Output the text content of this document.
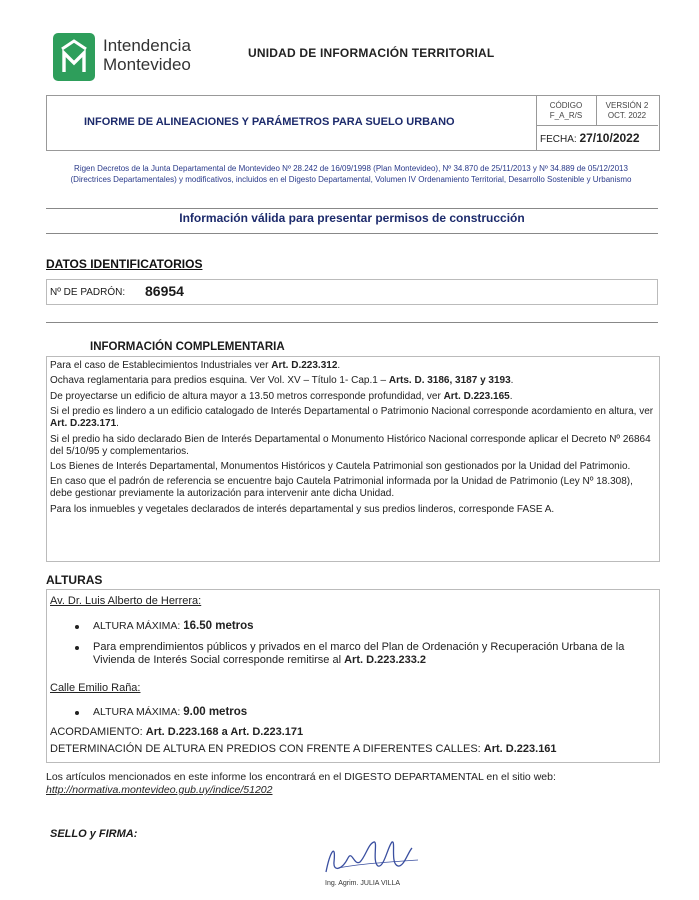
Intendencia
Montevideo
UNIDAD DE INFORMACIÓN TERRITORIAL
INFORME DE ALINEACIONES Y PARÁMETROS PARA SUELO URBANO
CÓDIGO
F_A_R/S
VERSIÓN 2
OCT. 2022
FECHA: 27/10/2022
Rigen Decretos de la Junta Departamental de Montevideo Nº 28.242 de 16/09/1998 (Plan Montevideo), Nº 34.870 de 25/11/2013 y Nº 34.889 de 05/12/2013 (Directrices Departamentales) y modificativos, incluidos en el Digesto Departamental, Volumen IV Ordenamiento Territorial, Desarrollo Sostenible y Urbanismo
Información válida para presentar permisos de construcción
DATOS IDENTIFICATORIOS
Nº DE PADRÓN: 86954
INFORMACIÓN COMPLEMENTARIA

Para el caso de Establecimientos Industriales ver Art. D.223.312.

Ochava reglamentaria para predios esquina. Ver Vol. XV – Título 1- Cap.1 – Arts. D. 3186, 3187 y 3193.

De proyectarse un edificio de altura mayor a 13.50 metros corresponde profundidad, ver Art. D.223.165.

Si el predio es lindero a un edificio catalogado de Interés Departamental o Patrimonio Nacional corresponde acordamiento en altura, ver Art. D.223.171.

Si el predio ha sido declarado Bien de Interés Departamental o Monumento Histórico Nacional corresponde aplicar el Decreto Nº 26864 del 5/10/95 y complementarios.

Los Bienes de Interés Departamental, Monumentos Históricos y Cautela Patrimonial son gestionados por la Unidad del Patrimonio.

En caso que el padrón de referencia se encuentre bajo Cautela Patrimonial informada por la Unidad de Patrimonio (Ley Nº 18.308), debe gestionar previamente la autorización para intervenir ante dicha Unidad.

Para los inmuebles y vegetales declarados de interés departamental y sus predios linderos, corresponde FASE A.

ALTURAS
Av. Dr. Luis Alberto de Herrera:
ALTURA MÁXIMA: 16.50 metros
Para emprendimientos públicos y privados en el marco del Plan de Ordenación y Recuperación Urbana de la Vivienda de Interés Social corresponde remitirse al Art. D.223.233.2
Calle Emilio Raña:
ALTURA MÁXIMA: 9.00 metros
ACORDAMIENTO: Art. D.223.168 a Art. D.223.171
DETERMINACIÓN DE ALTURA EN PREDIOS CON FRENTE A DIFERENTES CALLES: Art. D.223.161
Los artículos mencionados en este informe los encontrará en el DIGESTO DEPARTAMENTAL en el sitio web:
http://normativa.montevideo.gub.uy/indice/51202
SELLO y FIRMA:
Ing. Agrim. JULIA VILLA
